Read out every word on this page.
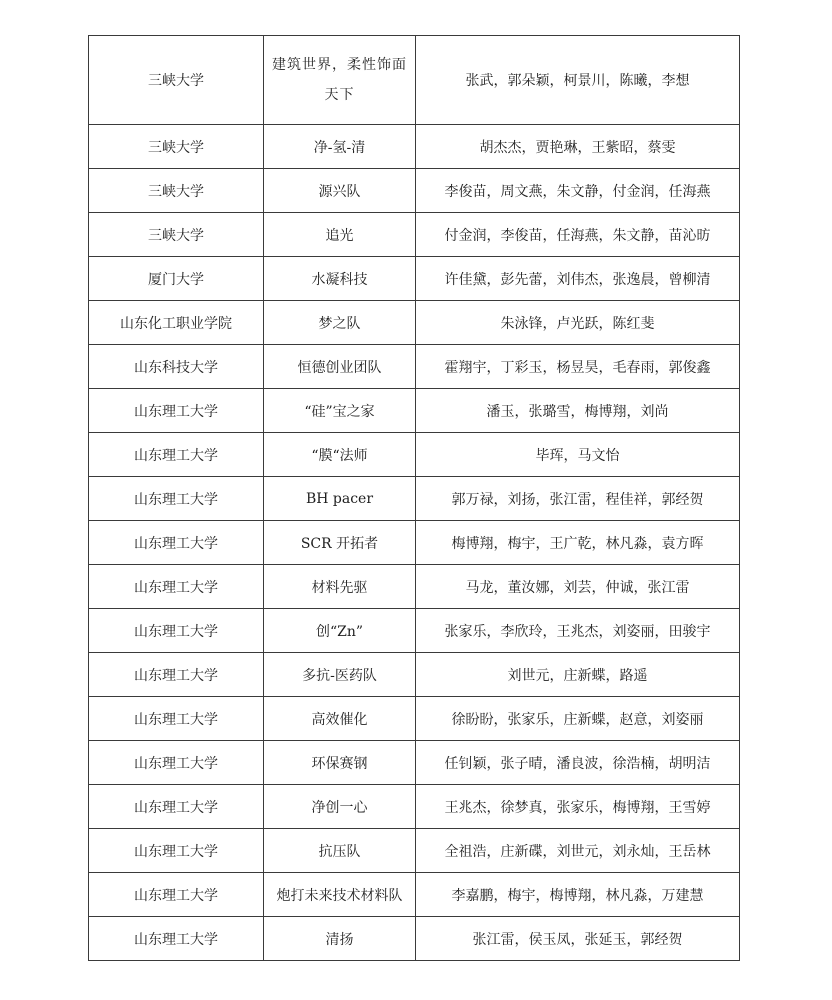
三峡大学	建筑世界，柔性饰面天下	张武，郭朵颖，柯景川，陈曦，李想
三峡大学	净-氢-清	胡杰杰，贾艳琳，王紫昭，蔡雯
三峡大学	源兴队	李俊苗，周文燕，朱文静，付金润，任海燕
三峡大学	追光	付金润，李俊苗，任海燕，朱文静，苗沁昉
厦门大学	水凝科技	许佳黛，彭先蕾，刘伟杰，张逸晨，曾柳清
山东化工职业学院	梦之队	朱泳锋，卢光跃，陈红斐
山东科技大学	恒德创业团队	霍翔宇，丁彩玉，杨昱昊，毛春雨，郭俊鑫
山东理工大学	“硅”宝之家	潘玉，张璐雪，梅博翔，刘尚
山东理工大学	“膜“法师	毕珲，马文怡
山东理工大学	BH pacer	郭万禄，刘扬，张江雷，程佳祥，郭经贺
山东理工大学	SCR 开拓者	梅博翔，梅宇，王广乾，林凡淼，袁方晖
山东理工大学	材料先驱	马龙，董汝娜，刘芸，仲诚，张江雷
山东理工大学	创“Zn”	张家乐，李欣玲，王兆杰，刘姿丽，田骏宇
山东理工大学	多抗-医药队	刘世元，庄新蝶，路遥
山东理工大学	高效催化	徐盼盼，张家乐，庄新蝶，赵意，刘姿丽
山东理工大学	环保赛钢	任钊颖，张子晴，潘良波，徐浩楠，胡明洁
山东理工大学	净创一心	王兆杰，徐梦真，张家乐，梅博翔，王雪婷
山东理工大学	抗压队	全祖浩，庄新碟，刘世元，刘永灿，王岳林
山东理工大学	炮打未来技术材料队	李嘉鹏，梅宇，梅博翔，林凡淼，万建慧
山东理工大学	清扬	张江雷，侯玉凤，张延玉，郭经贺
